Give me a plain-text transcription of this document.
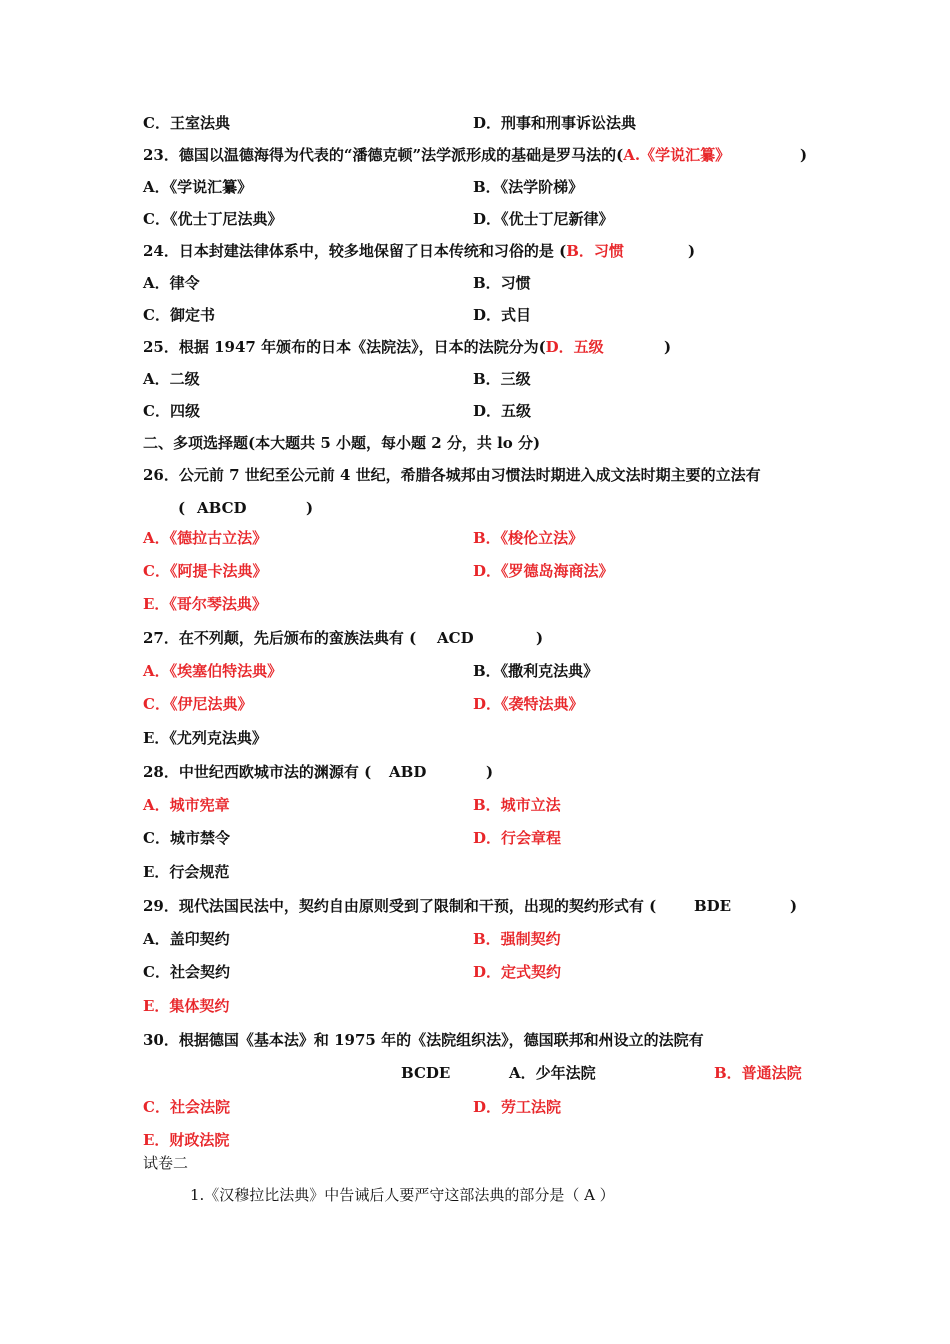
C．王室法典	D．刑事和刑事诉讼法典
23．德国以温德海得为代表的“潘德克顿”法学派形成的基础是罗马法的(A.《学说汇纂》	)
A．《学说汇纂》	B．《法学阶梯》
C．《优士丁尼法典》	D．《优士丁尼新律》
24．日本封建法律体系中，较多地保留了日本传统和习俗的是 (B．习惯	)
A．律令	B．习惯
C．御定书	D．式目
25．根据 1947 年颁布的日本《法院法》，日本的法院分为(D．五级	)
A．二级	B．三级
C．四级	D．五级
二、多项选择题(本大题共 5 小题，每小题 2 分，共 lo 分)
26．公元前 7 世纪至公元前 4 世纪，希腊各城邦由习惯法时期进入成文法时期主要的立法有
( ABCD	)
A．《德拉古立法》	B．《梭伦立法》
C．《阿提卡法典》	D．《罗德岛海商法》
E．《哥尔琴法典》
27．在不列颠，先后颁布的蛮族法典有 ( ACD	)
A．《埃塞伯特法典》	B．《撒利克法典》
C．《伊尼法典》	D．《袭特法典》
E．《尤列克法典》
28．中世纪西欧城市法的渊源有 ( ABD	)
A．城市宪章	B．城市立法
C．城市禁令	D．行会章程
E．行会规范
29．现代法国民法中，契约自由原则受到了限制和干预，出现的契约形式有 (	BDE	)
A．盖印契约	B．强制契约
C．社会契约	D．定式契约
E．集体契约
30．根据德国《基本法》和 1975 年的《法院组织法》，德国联邦和州设立的法院有
BCDE	A．少年法院	B．普通法院
C．社会法院	D．劳工法院
E．财政法院
试卷二
1.《汉穆拉比法典》中告诫后人要严守这部法典的部分是（ A ）
